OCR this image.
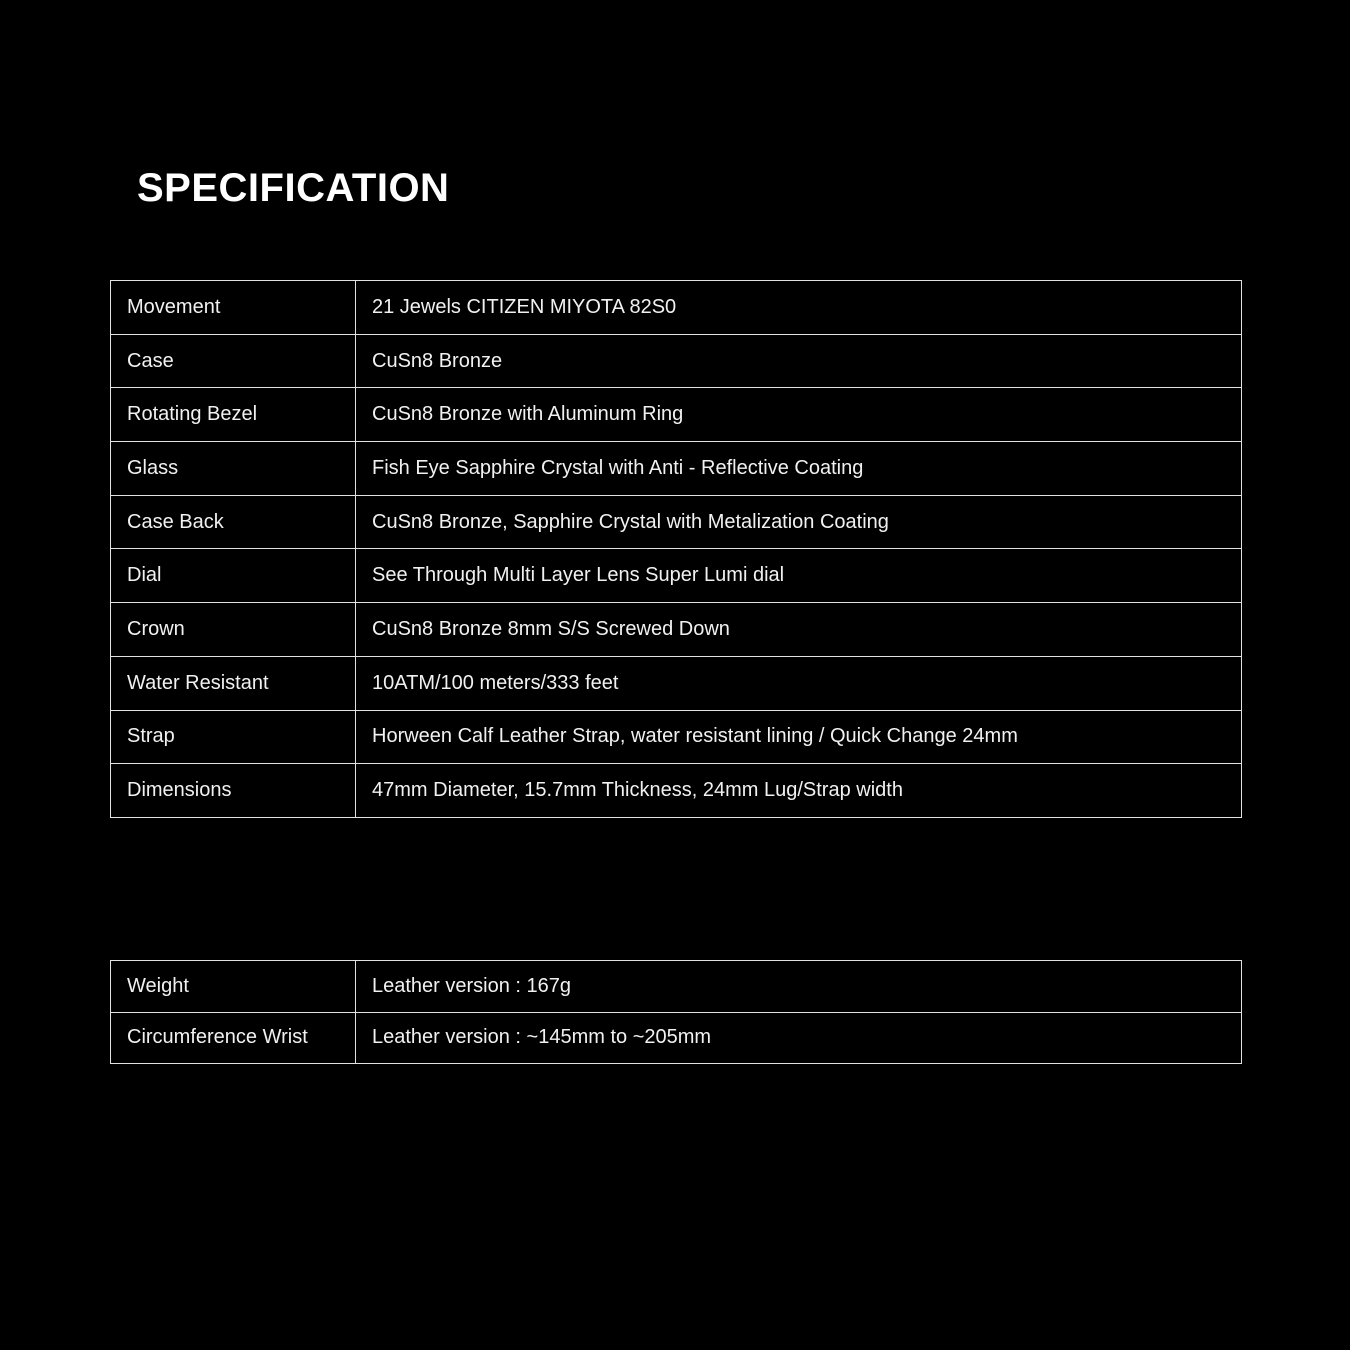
SPECIFICATION
Movement	21 Jewels CITIZEN MIYOTA 82S0
Case	CuSn8 Bronze
Rotating Bezel	CuSn8 Bronze with Aluminum Ring
Glass	Fish Eye Sapphire Crystal with Anti - Reflective Coating
Case Back	CuSn8 Bronze, Sapphire Crystal with Metalization Coating
Dial	See Through Multi Layer Lens Super Lumi dial
Crown	CuSn8 Bronze 8mm S/S Screwed Down
Water Resistant	10ATM/100 meters/333 feet
Strap	Horween Calf Leather Strap, water resistant lining / Quick Change 24mm
Dimensions	47mm Diameter, 15.7mm Thickness, 24mm Lug/Strap width
Weight	Leather version : 167g
Circumference Wrist	Leather version : ~145mm to ~205mm
